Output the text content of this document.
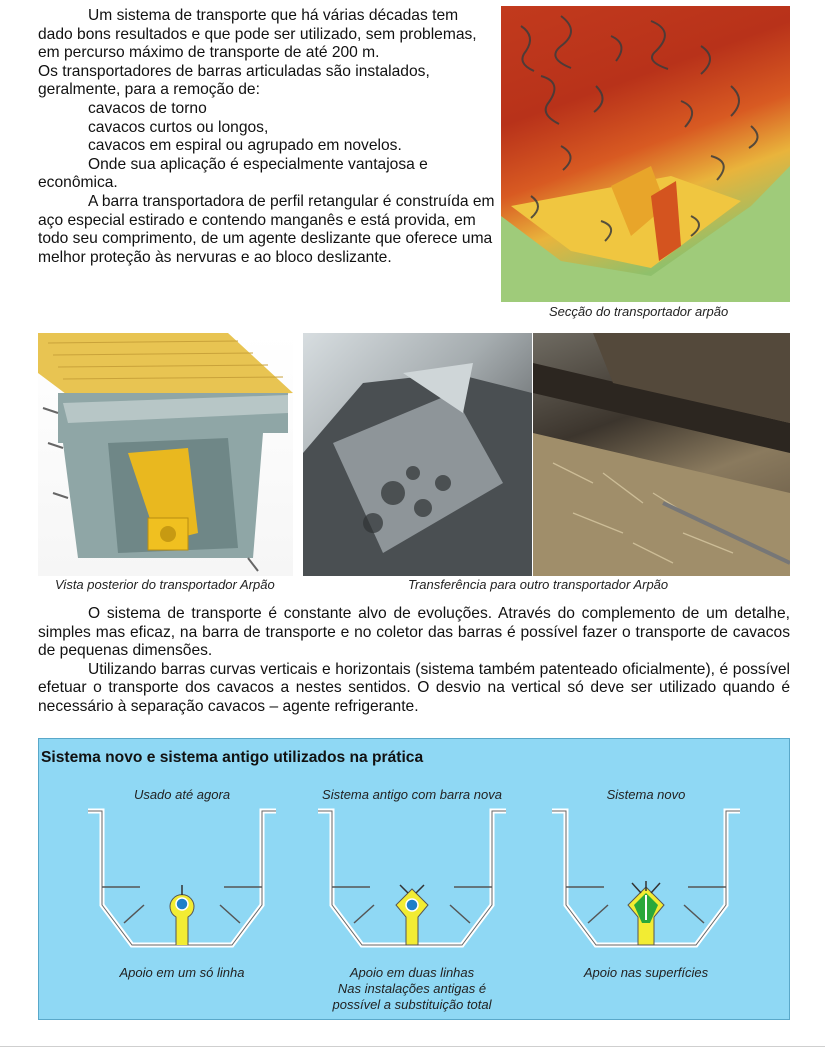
Um sistema de transporte que há várias décadas tem dado bons resultados e que pode ser utilizado, sem problemas, em percurso máximo de transporte de até 200 m.

Os transportadores de barras articuladas são instalados, geralmente, para a remoção de:

cavacos de torno

cavacos curtos ou longos,

cavacos em espiral ou agrupado em novelos.

Onde sua aplicação é especialmente vantajosa e econômica.

A barra transportadora de perfil retangular é construída em aço especial estirado e contendo manganês e está provida, em todo seu comprimento, de um agente deslizante que oferece uma melhor proteção às nervuras e ao bloco deslizante.

Secção do transportador arpão
Vista posterior do transportador Arpão	Transferência para outro transportador Arpão

O sistema de transporte é constante alvo de evoluções. Através do complemento de um detalhe, simples mas eficaz, na barra de transporte e no coletor das barras é possível fazer o transporte de cavacos de pequenas dimensões.

Utilizando barras curvas verticais e horizontais (sistema também patenteado oficialmente), é possível efetuar o transporte dos cavacos a nestes sentidos. O desvio na vertical só deve ser utilizado quando é necessário à separação cavacos – agente refrigerante.

Sistema novo e sistema antigo utilizados na prática
Usado até agora	Sistema antigo com barra nova	Sistema novo
Apoio em um só linha	Apoio em duas linhas
Nas instalações antigas é
possível a substituição total
Apoio nas superfícies
